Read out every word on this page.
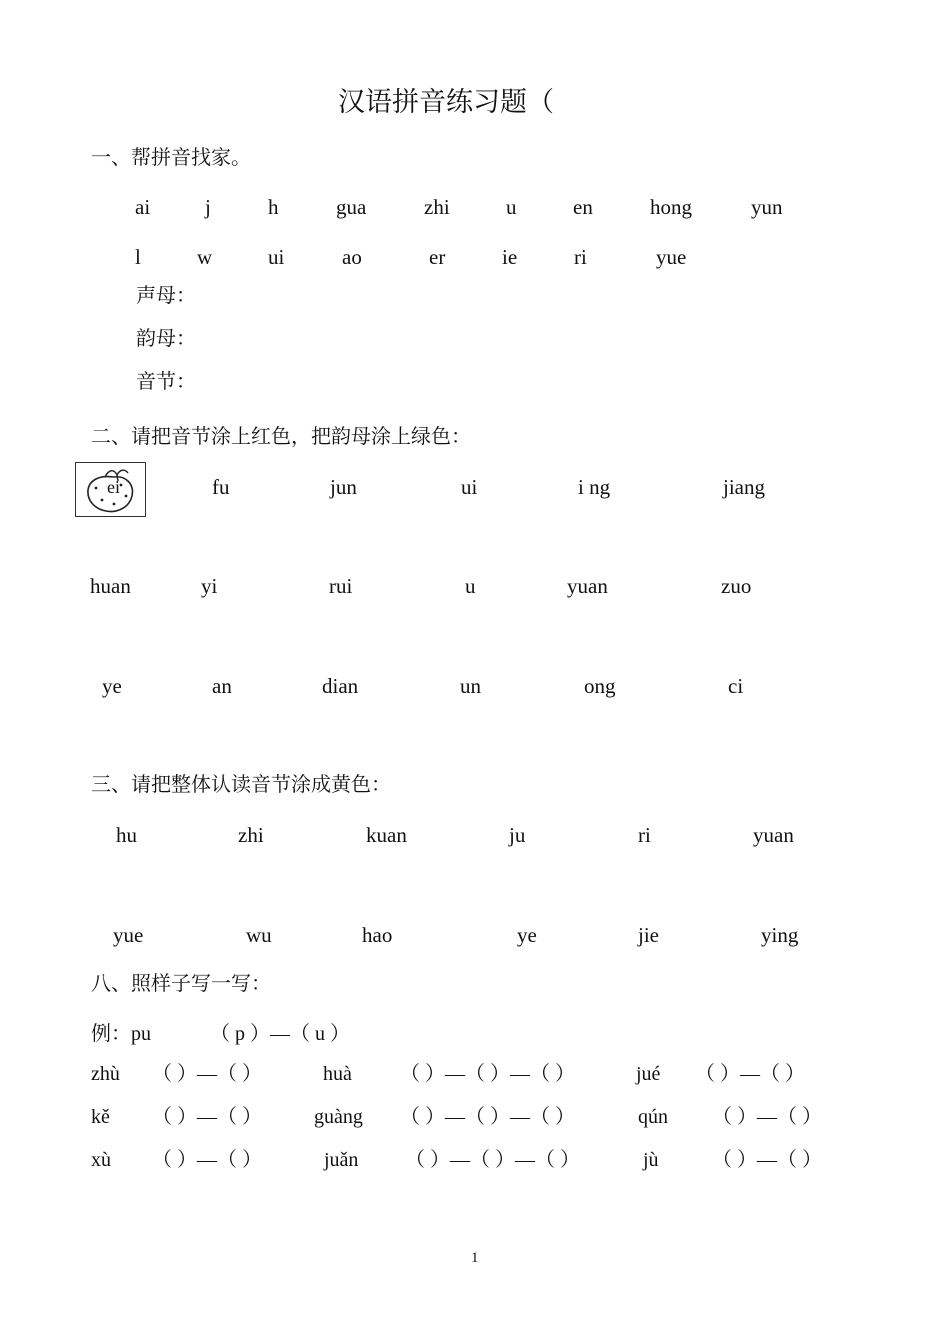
汉语拼音练习题（
一、帮拼音找家。
ai	j	h	gua	zhi	u	en	hong	yun
l	w	ui	ao	er	ie	ri	yue
声母：
韵母：
音节：
二、请把音节涂上红色，把韵母涂上绿色：
ei	fu	jun	ui	i ng	jiang
huan	yi	rui	u	yuan	zuo
ye	an	dian	un	ong	ci
三、请把整体认读音节涂成黄色：
hu	zhi	kuan	ju	ri	yuan
yue	wu	hao	ye	jie	ying
八、照样子写一写：
例：pu	（ p ）—（ u ）
zhù （ ）—（ ）	huà （ ）—（ ）—（ ）	jué （ ）—（ ）
kě （ ）—（ ）	guàng （ ）—（ ）—（ ）	qún （ ）—（ ）
xù （ ）—（ ）	juǎn （ ）—（ ）—（ ）	jù	（ ）—（ ）
1
